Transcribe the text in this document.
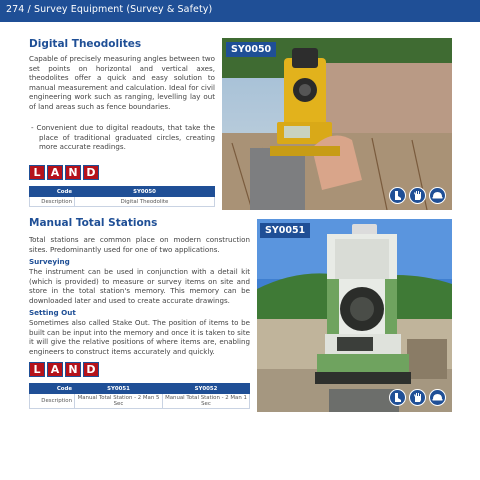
274 / Survey Equipment (Survey & Safety)
Digital Theodolites
Capable of precisely measuring angles between two set points on horizontal and vertical axes, theodolites offer a quick and easy solution to manual measurement and calculation. Ideal for civil engineering work such as ranging, levelling lay out of land areas such as fence boundaries.
- Convenient due to digital readouts, that take the place of traditional graduated circles, creating more accurate readings.
L A N D
Code	SY0050
Description	Digital Theodolite
SY0050
Manual Total Stations
Total stations are common place on modern construction sites. Predominantly used for one of two applications.
Surveying
The instrument can be used in conjunction with a detail kit (which is provided) to measure or survey items on site and store in the total station's memory. This memory can be downloaded later and used to create accurate drawings.
Setting Out
Sometimes also called Stake Out. The position of items to be built can be input into the memory and once it is taken to site it will give the relative positions of where items are, enabling engineers to construct items accurately and quickly.
L A N D
Code	SY0051	SY0052
Description	Manual Total Station - 2 Man 5 Sec	Manual Total Station - 2 Man 1 Sec
SY0051
